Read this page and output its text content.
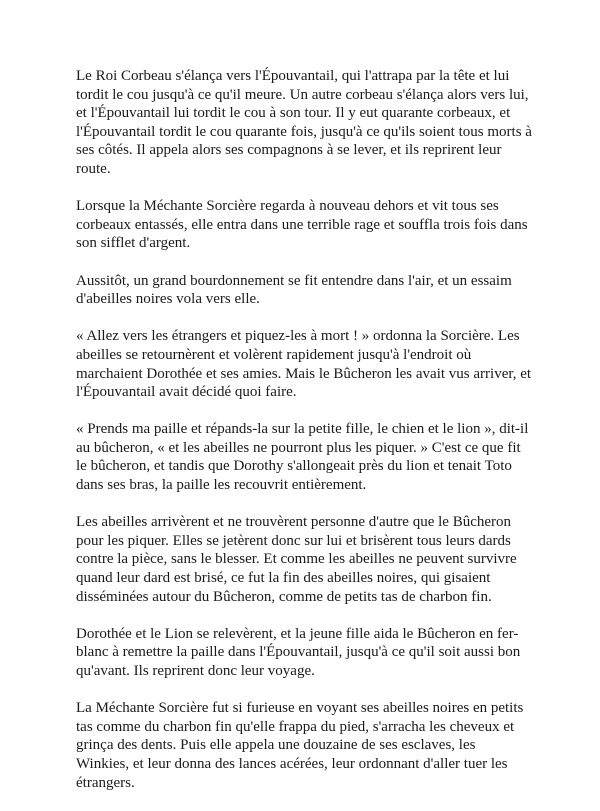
Le Roi Corbeau s'élança vers l'Épouvantail, qui l'attrapa par la tête et lui tordit le cou jusqu'à ce qu'il meure. Un autre corbeau s'élança alors vers lui, et l'Épouvantail lui tordit le cou à son tour. Il y eut quarante corbeaux, et l'Épouvantail tordit le cou quarante fois, jusqu'à ce qu'ils soient tous morts à ses côtés. Il appela alors ses compagnons à se lever, et ils reprirent leur route.

Lorsque la Méchante Sorcière regarda à nouveau dehors et vit tous ses corbeaux entassés, elle entra dans une terrible rage et souffla trois fois dans son sifflet d'argent.

Aussitôt, un grand bourdonnement se fit entendre dans l'air, et un essaim d'abeilles noires vola vers elle.

« Allez vers les étrangers et piquez-les à mort ! » ordonna la Sorcière. Les abeilles se retournèrent et volèrent rapidement jusqu'à l'endroit où marchaient Dorothée et ses amies. Mais le Bûcheron les avait vus arriver, et l'Épouvantail avait décidé quoi faire.

« Prends ma paille et répands-la sur la petite fille, le chien et le lion », dit-il au bûcheron, « et les abeilles ne pourront plus les piquer. » C'est ce que fit le bûcheron, et tandis que Dorothy s'allongeait près du lion et tenait Toto dans ses bras, la paille les recouvrit entièrement.

Les abeilles arrivèrent et ne trouvèrent personne d'autre que le Bûcheron pour les piquer. Elles se jetèrent donc sur lui et brisèrent tous leurs dards contre la pièce, sans le blesser. Et comme les abeilles ne peuvent survivre quand leur dard est brisé, ce fut la fin des abeilles noires, qui gisaient disséminées autour du Bûcheron, comme de petits tas de charbon fin.

Dorothée et le Lion se relevèrent, et la jeune fille aida le Bûcheron en fer-blanc à remettre la paille dans l'Épouvantail, jusqu'à ce qu'il soit aussi bon qu'avant. Ils reprirent donc leur voyage.

La Méchante Sorcière fut si furieuse en voyant ses abeilles noires en petits tas comme du charbon fin qu'elle frappa du pied, s'arracha les cheveux et grinça des dents. Puis elle appela une douzaine de ses esclaves, les Winkies, et leur donna des lances acérées, leur ordonnant d'aller tuer les étrangers.
